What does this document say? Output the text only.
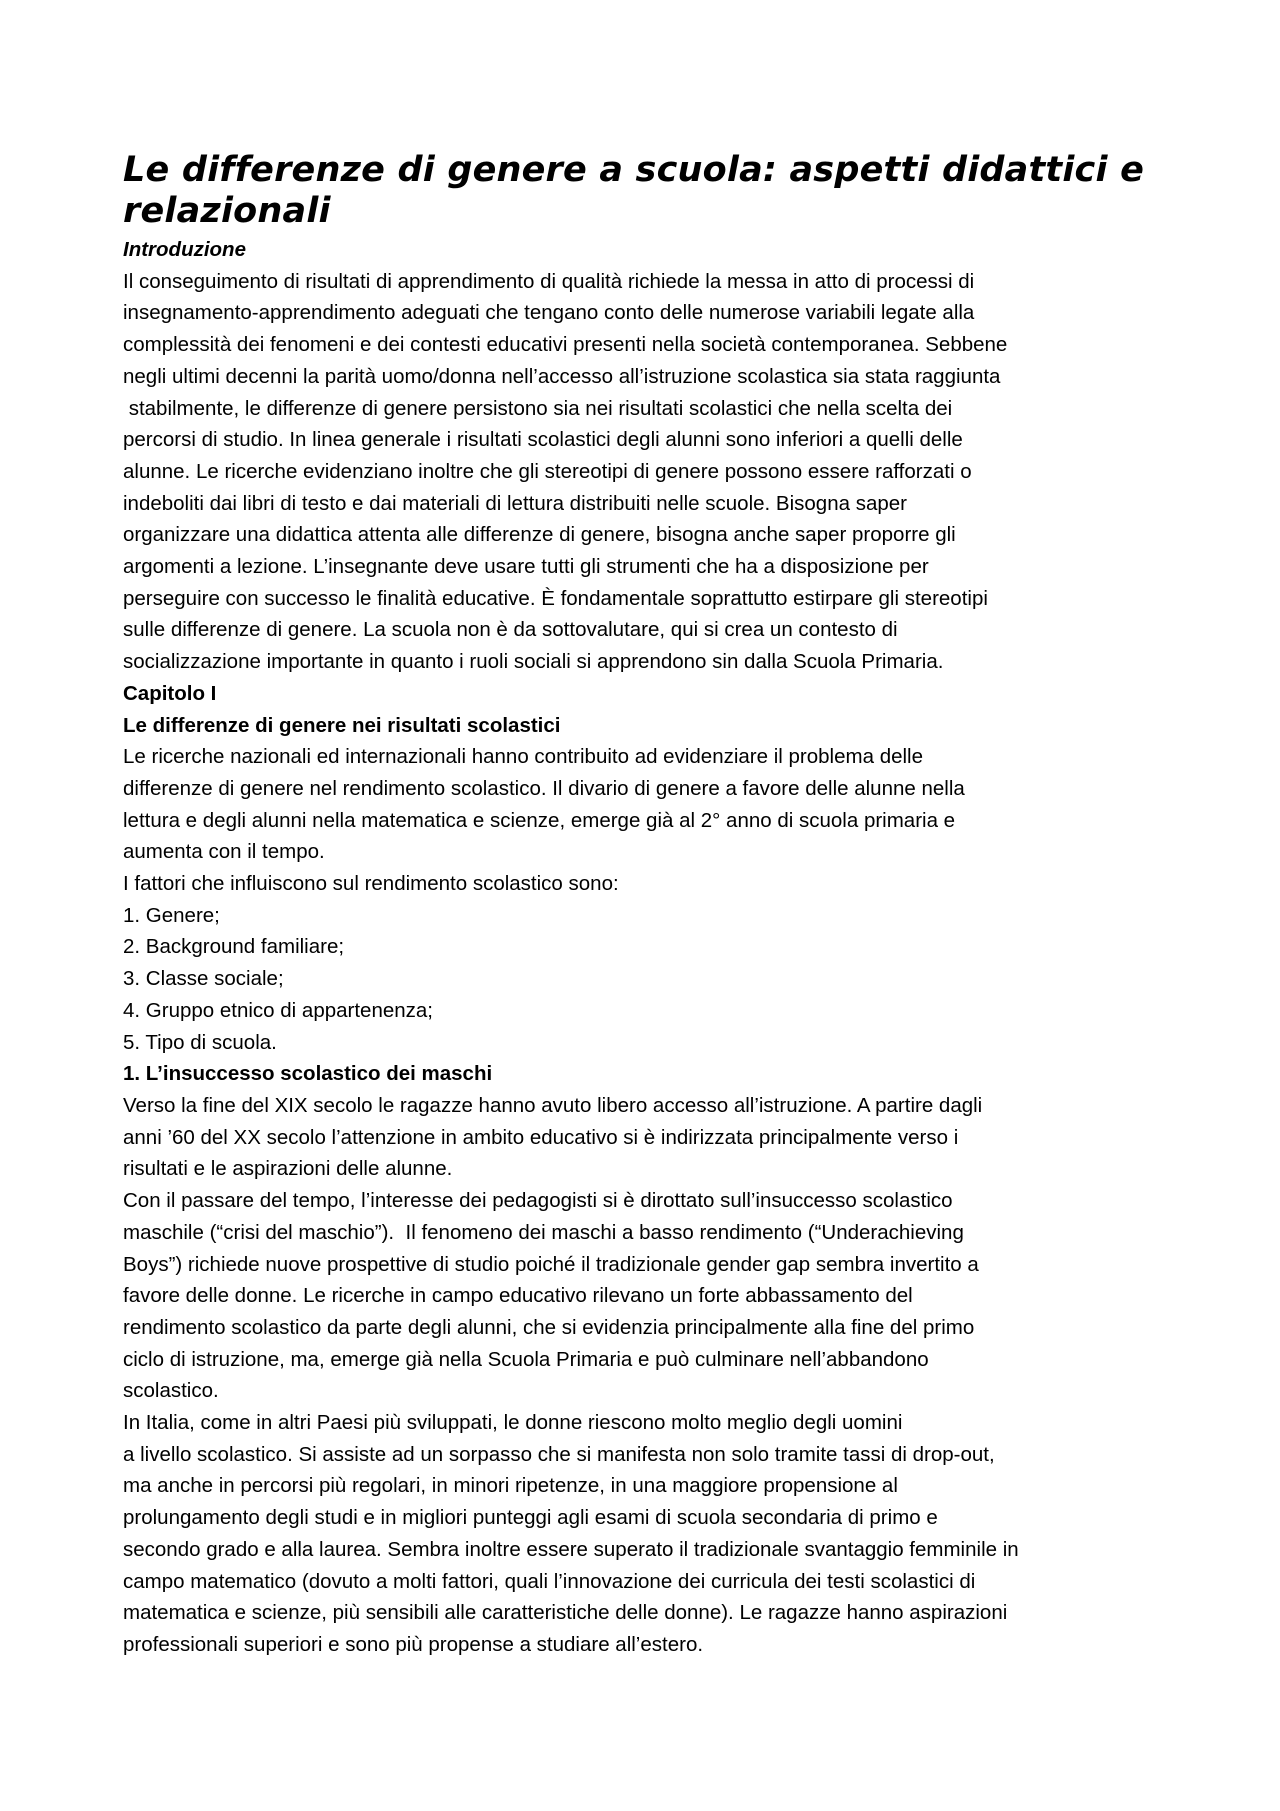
Le differenze di genere a scuola: aspetti didattici e relazionali

Introduzione

Il conseguimento di risultati di apprendimento di qualità richiede la messa in atto di processi di
insegnamento-apprendimento adeguati che tengano conto delle numerose variabili legate alla
complessità dei fenomeni e dei contesti educativi presenti nella società contemporanea. Sebbene
negli ultimi decenni la parità uomo/donna nell’accesso all’istruzione scolastica sia stata raggiunta
stabilmente, le differenze di genere persistono sia nei risultati scolastici che nella scelta dei
percorsi di studio. In linea generale i risultati scolastici degli alunni sono inferiori a quelli delle
alunne. Le ricerche evidenziano inoltre che gli stereotipi di genere possono essere rafforzati o
indeboliti dai libri di testo e dai materiali di lettura distribuiti nelle scuole. Bisogna saper
organizzare una didattica attenta alle differenze di genere, bisogna anche saper proporre gli
argomenti a lezione. L’insegnante deve usare tutti gli strumenti che ha a disposizione per
perseguire con successo le finalità educative. È fondamentale soprattutto estirpare gli stereotipi
sulle differenze di genere. La scuola non è da sottovalutare, qui si crea un contesto di
socializzazione importante in quanto i ruoli sociali si apprendono sin dalla Scuola Primaria.

Capitolo I

Le differenze di genere nei risultati scolastici

Le ricerche nazionali ed internazionali hanno contribuito ad evidenziare il problema delle
differenze di genere nel rendimento scolastico. Il divario di genere a favore delle alunne nella
lettura e degli alunni nella matematica e scienze, emerge già al 2° anno di scuola primaria e
aumenta con il tempo.

I fattori che influiscono sul rendimento scolastico sono:

1. Genere;
2. Background familiare;
3. Classe sociale;
4. Gruppo etnico di appartenenza;
5. Tipo di scuola.

1. L’insuccesso scolastico dei maschi

Verso la fine del XIX secolo le ragazze hanno avuto libero accesso all’istruzione. A partire dagli
anni ’60 del XX secolo l’attenzione in ambito educativo si è indirizzata principalmente verso i
risultati e le aspirazioni delle alunne.

Con il passare del tempo, l’interesse dei pedagogisti si è dirottato sull’insuccesso scolastico
maschile (“crisi del maschio”).  Il fenomeno dei maschi a basso rendimento (“Underachieving
Boys”) richiede nuove prospettive di studio poiché il tradizionale gender gap sembra invertito a
favore delle donne. Le ricerche in campo educativo rilevano un forte abbassamento del
rendimento scolastico da parte degli alunni, che si evidenzia principalmente alla fine del primo
ciclo di istruzione, ma, emerge già nella Scuola Primaria e può culminare nell’abbandono
scolastico.

In Italia, come in altri Paesi più sviluppati, le donne riescono molto meglio degli uomini
a livello scolastico. Si assiste ad un sorpasso che si manifesta non solo tramite tassi di drop-out,
ma anche in percorsi più regolari, in minori ripetenze, in una maggiore propensione al
prolungamento degli studi e in migliori punteggi agli esami di scuola secondaria di primo e
secondo grado e alla laurea. Sembra inoltre essere superato il tradizionale svantaggio femminile in
campo matematico (dovuto a molti fattori, quali l’innovazione dei curricula dei testi scolastici di
matematica e scienze, più sensibili alle caratteristiche delle donne). Le ragazze hanno aspirazioni
professionali superiori e sono più propense a studiare all’estero.
